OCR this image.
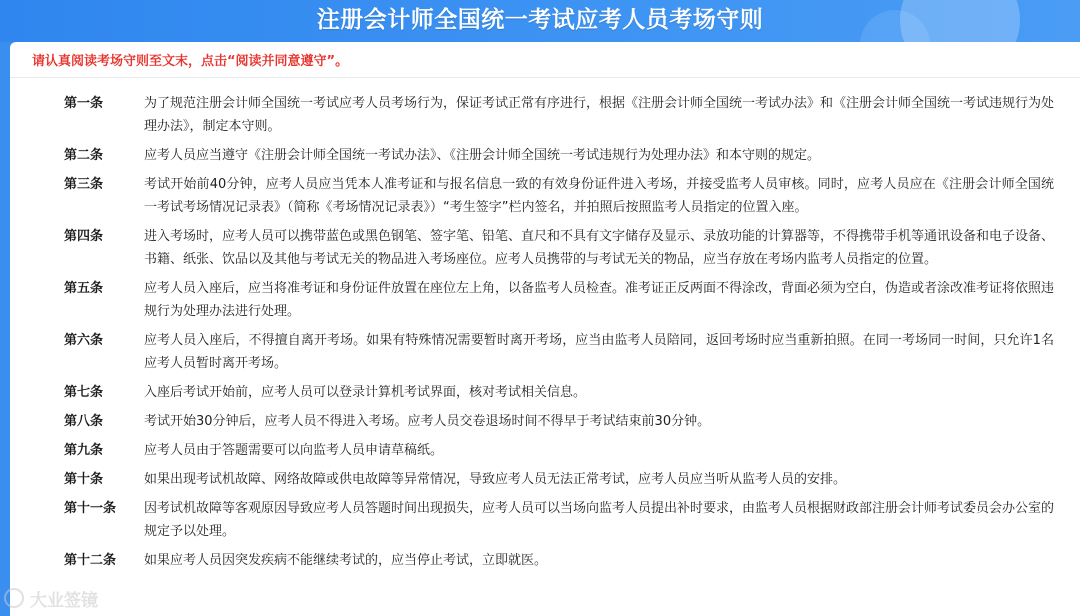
注册会计师全国统一考试应考人员考场守则
请认真阅读考场守则至文末，点击“阅读并同意遵守”。
第一条	为了规范注册会计师全国统一考试应考人员考场行为，保证考试正常有序进行，根据《注册会计师全国统一考试办法》和《注册会计师全国统一考试违规行为处理办法》，制定本守则。
第二条	应考人员应当遵守《注册会计师全国统一考试办法》、《注册会计师全国统一考试违规行为处理办法》和本守则的规定。
第三条	考试开始前40分钟，应考人员应当凭本人准考证和与报名信息一致的有效身份证件进入考场，并接受监考人员审核。同时，应考人员应在《注册会计师全国统一考试考场情况记录表》（简称《考场情况记录表》）“考生签字”栏内签名，并拍照后按照监考人员指定的位置入座。
第四条	进入考场时，应考人员可以携带蓝色或黑色钢笔、签字笔、铅笔、直尺和不具有文字储存及显示、录放功能的计算器等，不得携带手机等通讯设备和电子设备、书籍、纸张、饮品以及其他与考试无关的物品进入考场座位。应考人员携带的与考试无关的物品，应当存放在考场内监考人员指定的位置。
第五条	应考人员入座后，应当将准考证和身份证件放置在座位左上角，以备监考人员检查。准考证正反两面不得涂改，背面必须为空白，伪造或者涂改准考证将依照违规行为处理办法进行处理。
第六条	应考人员入座后，不得擅自离开考场。如果有特殊情况需要暂时离开考场，应当由监考人员陪同，返回考场时应当重新拍照。在同一考场同一时间，只允许1名应考人员暂时离开考场。
第七条	入座后考试开始前，应考人员可以登录计算机考试界面，核对考试相关信息。
第八条	考试开始30分钟后，应考人员不得进入考场。应考人员交卷退场时间不得早于考试结束前30分钟。
第九条	应考人员由于答题需要可以向监考人员申请草稿纸。
第十条	如果出现考试机故障、网络故障或供电故障等异常情况，导致应考人员无法正常考试，应考人员应当听从监考人员的安排。
第十一条	因考试机故障等客观原因导致应考人员答题时间出现损失，应考人员可以当场向监考人员提出补时要求，由监考人员根据财政部注册会计师考试委员会办公室的规定予以处理。
第十二条	如果应考人员因突发疾病不能继续考试的，应当停止考试，立即就医。
大业签镜
